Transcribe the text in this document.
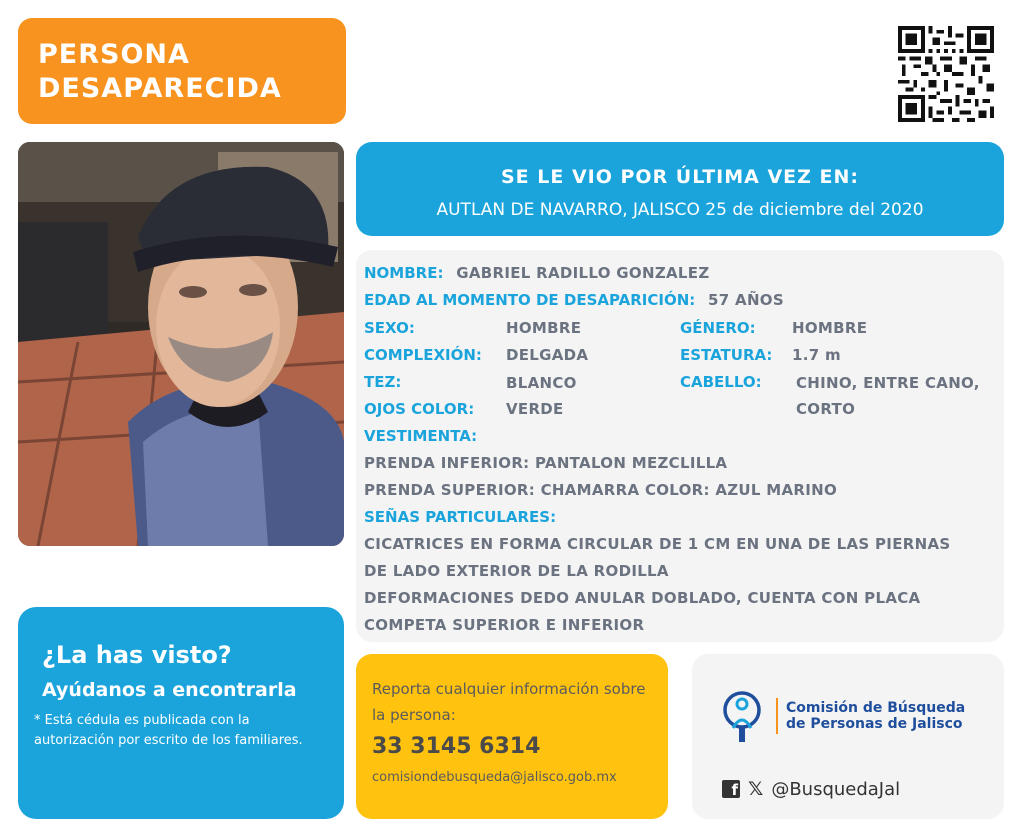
PERSONA
DESAPARECIDA
SE LE VIO POR ÚLTIMA VEZ EN:
AUTLAN DE NAVARRO, JALISCO 25 de diciembre del 2020
NOMBRE: GABRIEL RADILLO GONZALEZ
EDAD AL MOMENTO DE DESAPARICIÓN: 57 AÑOS
SEXO:	HOMBRE	GÉNERO: HOMBRE
COMPLEXIÓN: DELGADA	ESTATURA: 1.7 m
TEZ:	BLANCO	CABELLO: CHINO, ENTRE CANO,
CORTO
OJOS COLOR: VERDE
VESTIMENTA:
PRENDA INFERIOR: PANTALON MEZCLILLA
PRENDA SUPERIOR: CHAMARRA COLOR: AZUL MARINO
SEÑAS PARTICULARES:
CICATRICES EN FORMA CIRCULAR DE 1 CM EN UNA DE LAS PIERNAS
DE LADO EXTERIOR DE LA RODILLA
DEFORMACIONES DEDO ANULAR DOBLADO, CUENTA CON PLACA
COMPETA SUPERIOR E INFERIOR
¿La has visto?
Ayúdanos a encontrarla
* Está cédula es publicada con la autorización por escrito de los familiares.
Reporta cualquier información sobre la persona:
33 3145 6314
comisiondebusqueda@jalisco.gob.mx
Comisión de Búsqueda
de Personas de Jalisco
f 𝕏 @BusquedaJal
